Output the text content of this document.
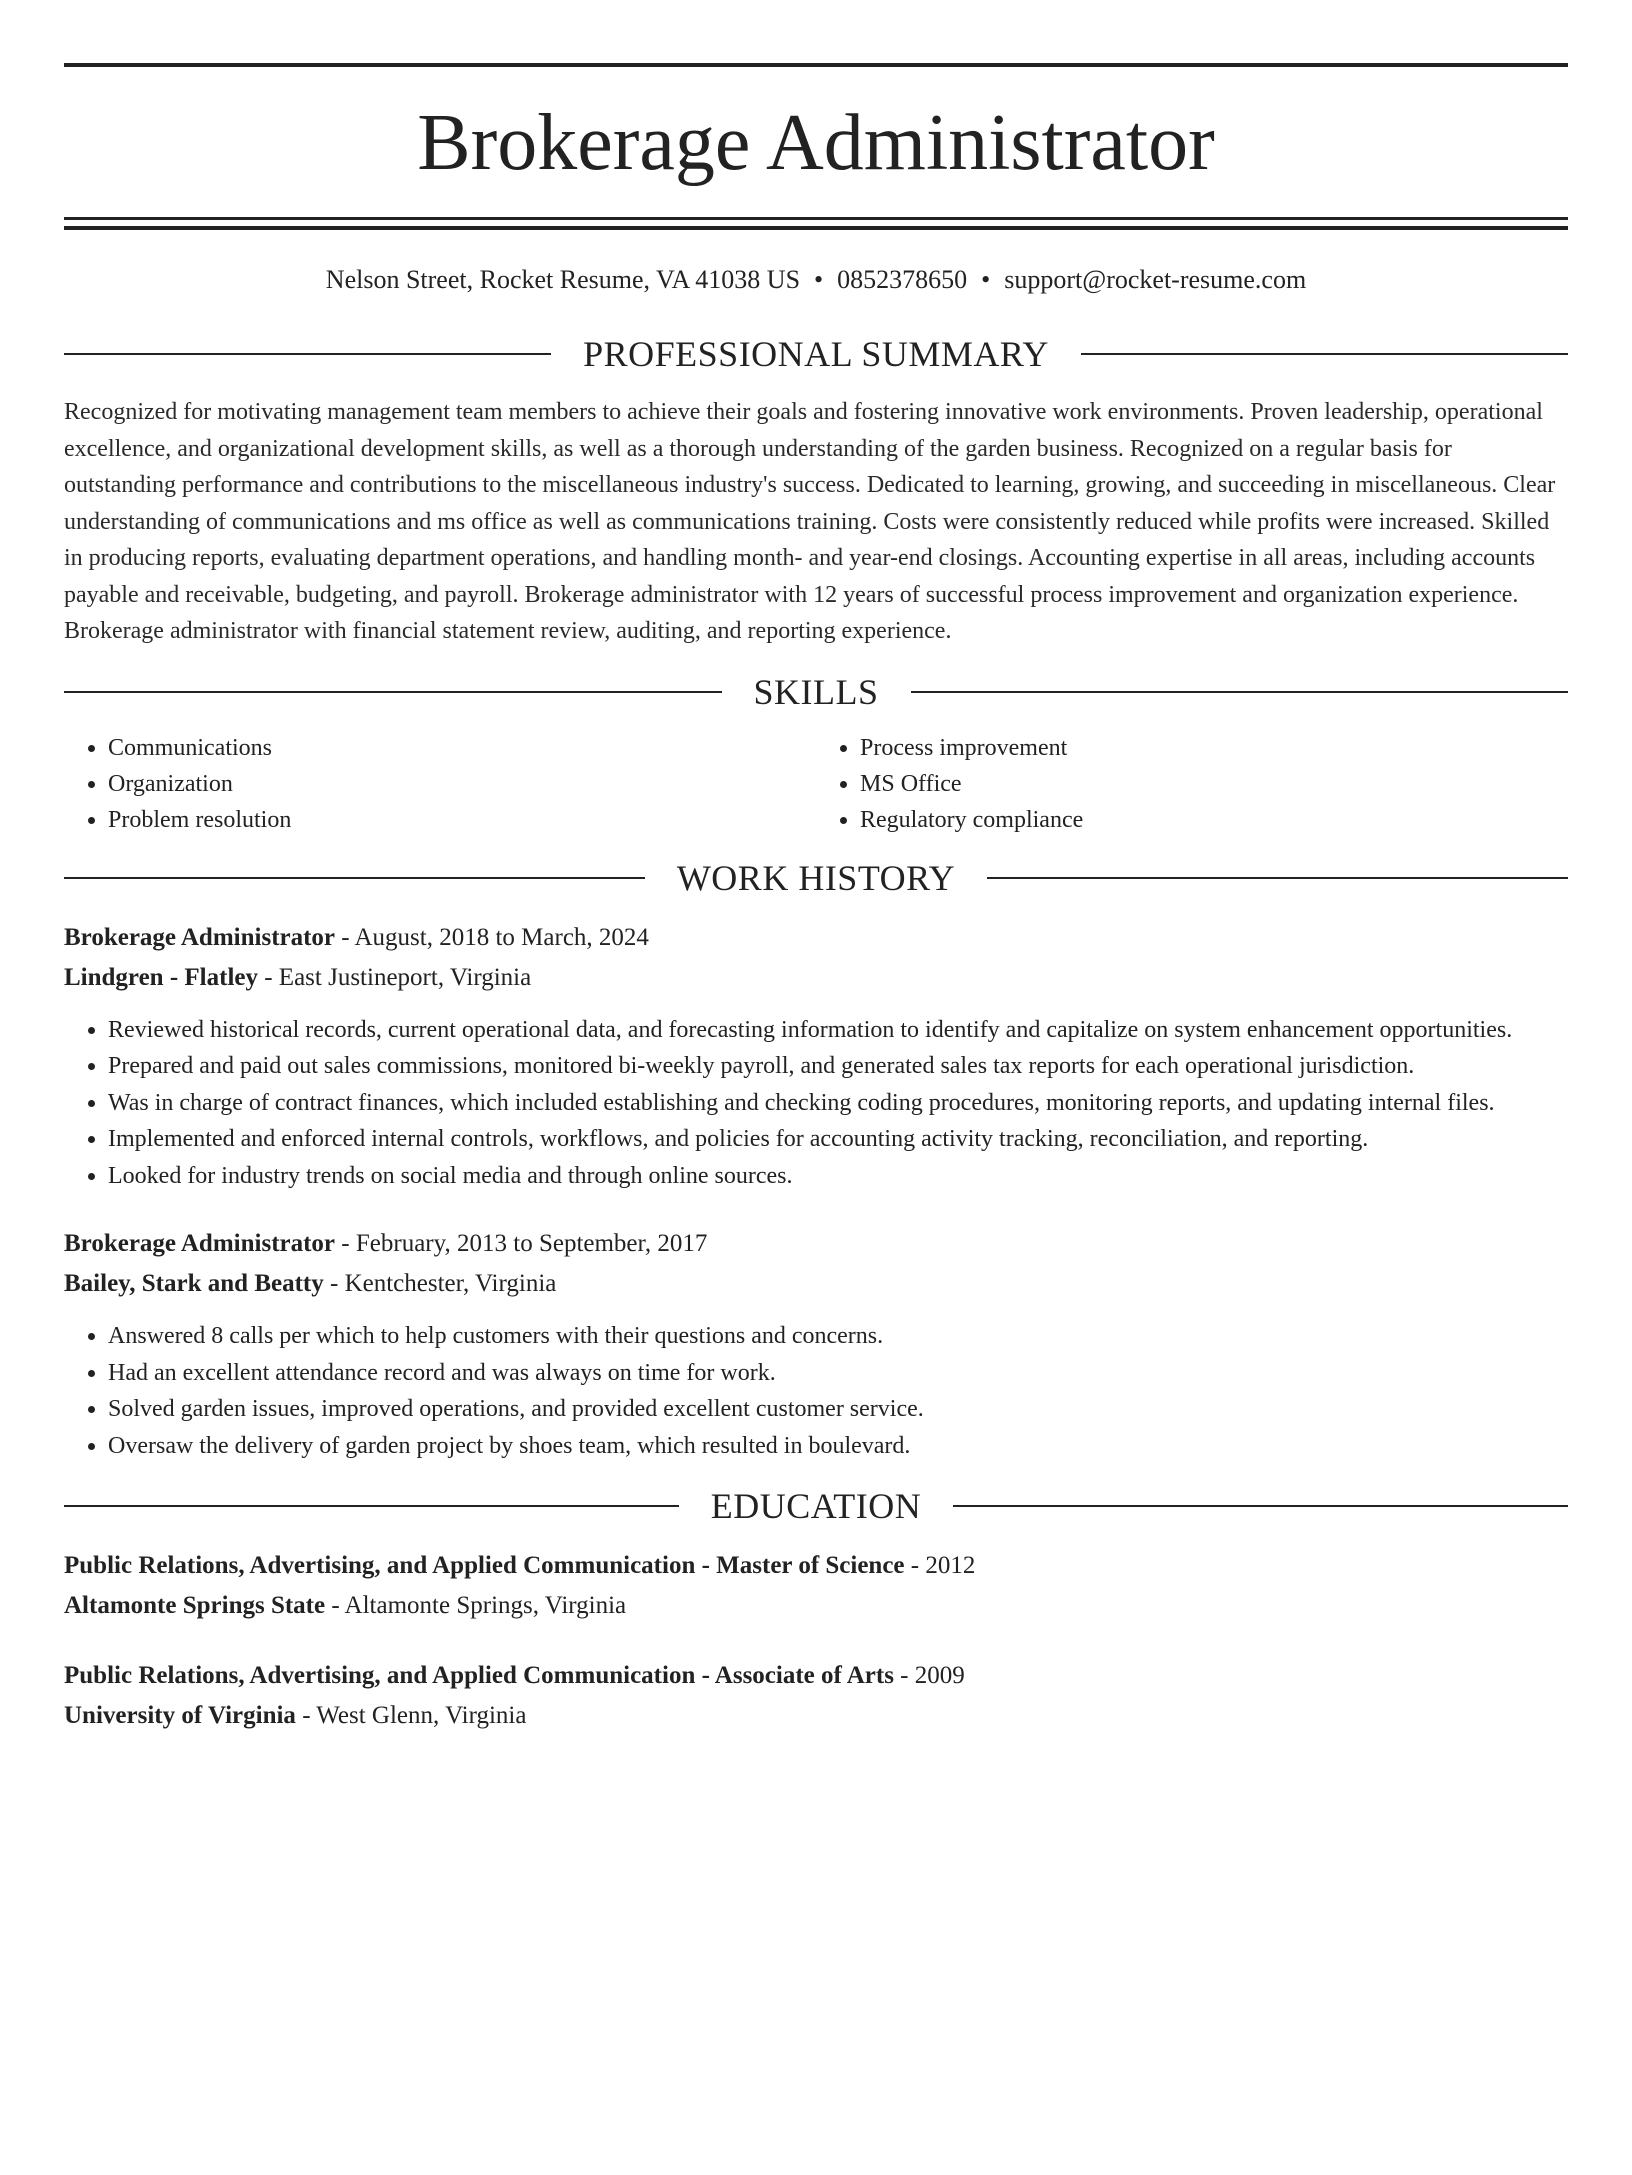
Brokerage Administrator
Nelson Street, Rocket Resume, VA 41038 US • 0852378650 • support@rocket-resume.com
PROFESSIONAL SUMMARY

Recognized for motivating management team members to achieve their goals and fostering innovative work environments. Proven leadership, operational excellence, and organizational development skills, as well as a thorough understanding of the garden business. Recognized on a regular basis for outstanding performance and contributions to the miscellaneous industry's success. Dedicated to learning, growing, and succeeding in miscellaneous. Clear understanding of communications and ms office as well as communications training. Costs were consistently reduced while profits were increased. Skilled in producing reports, evaluating department operations, and handling month- and year-end closings. Accounting expertise in all areas, including accounts payable and receivable, budgeting, and payroll. Brokerage administrator with 12 years of successful process improvement and organization experience. Brokerage administrator with financial statement review, auditing, and reporting experience.

SKILLS
• Communications
• Organization
• Problem resolution
• Process improvement
• MS Office
• Regulatory compliance
WORK HISTORY
Brokerage Administrator - August, 2018 to March, 2024
Lindgren - Flatley - East Justineport, Virginia
• Reviewed historical records, current operational data, and forecasting information to identify and capitalize on system enhancement opportunities.
• Prepared and paid out sales commissions, monitored bi-weekly payroll, and generated sales tax reports for each operational jurisdiction.
• Was in charge of contract finances, which included establishing and checking coding procedures, monitoring reports, and updating internal files.
• Implemented and enforced internal controls, workflows, and policies for accounting activity tracking, reconciliation, and reporting.
• Looked for industry trends on social media and through online sources.
Brokerage Administrator - February, 2013 to September, 2017
Bailey, Stark and Beatty - Kentchester, Virginia
• Answered 8 calls per which to help customers with their questions and concerns.
• Had an excellent attendance record and was always on time for work.
• Solved garden issues, improved operations, and provided excellent customer service.
• Oversaw the delivery of garden project by shoes team, which resulted in boulevard.
EDUCATION
Public Relations, Advertising, and Applied Communication - Master of Science - 2012
Altamonte Springs State - Altamonte Springs, Virginia
Public Relations, Advertising, and Applied Communication - Associate of Arts - 2009
University of Virginia - West Glenn, Virginia
